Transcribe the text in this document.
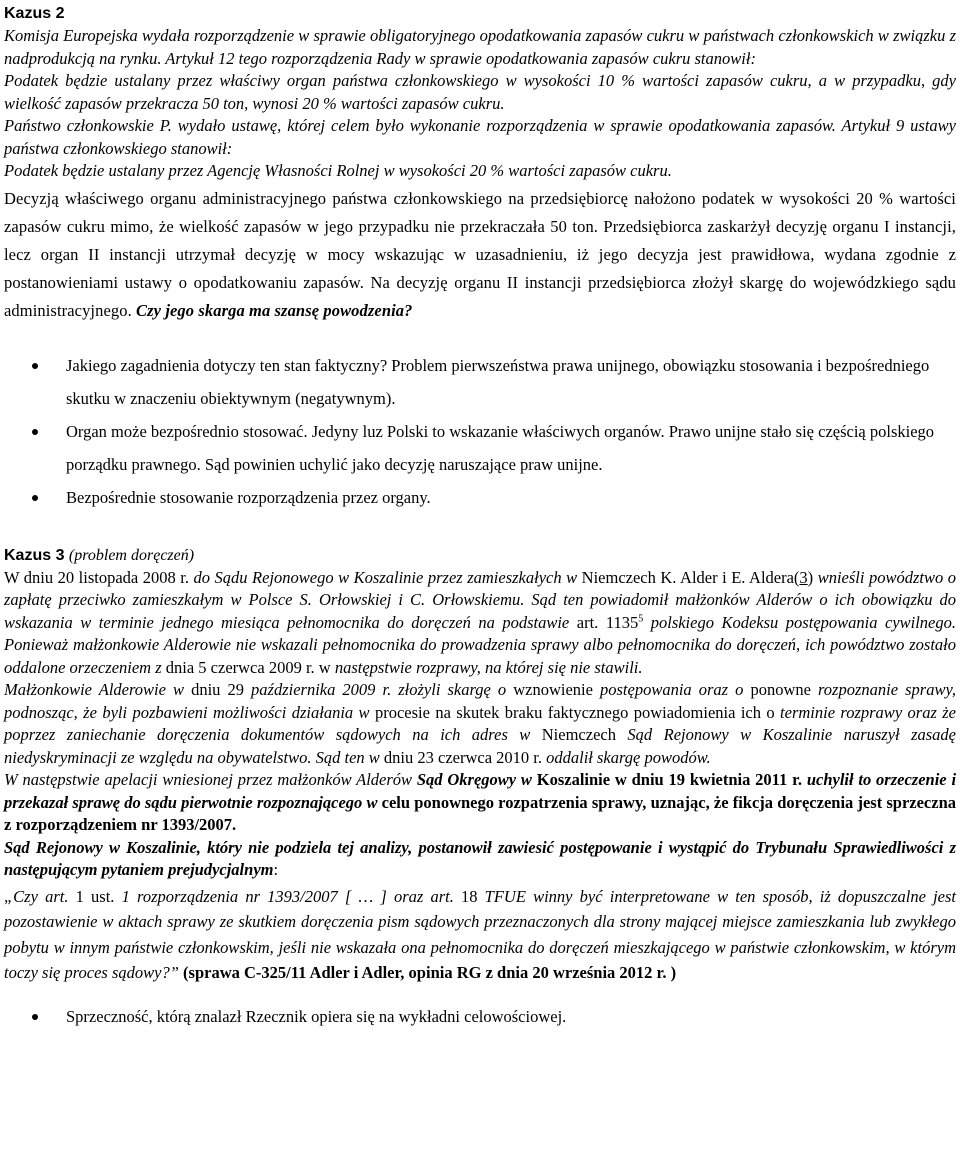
Kazus 2

Komisja Europejska wydała rozporządzenie w sprawie obligatoryjnego opodatkowania zapasów cukru w państwach członkowskich w związku z nadprodukcją na rynku. Artykuł 12 tego rozporządzenia Rady w sprawie opodatkowania zapasów cukru stanowił:

Podatek będzie ustalany przez właściwy organ państwa członkowskiego w wysokości 10 % wartości zapasów cukru, a w przypadku, gdy wielkość zapasów przekracza 50 ton, wynosi 20 % wartości zapasów cukru.

Państwo członkowskie P. wydało ustawę, której celem było wykonanie rozporządzenia w sprawie opodatkowania zapasów. Artykuł 9 ustawy państwa członkowskiego stanowił:

Podatek będzie ustalany przez Agencję Własności Rolnej w wysokości 20 % wartości zapasów cukru.

Decyzją właściwego organu administracyjnego państwa członkowskiego na przedsiębiorcę nałożono podatek w wysokości 20 % wartości zapasów cukru mimo, że wielkość zapasów w jego przypadku nie przekraczała 50 ton. Przedsiębiorca zaskarżył decyzję organu I instancji, lecz organ II instancji utrzymał decyzję w mocy wskazując w uzasadnieniu, iż jego decyzja jest prawidłowa, wydana zgodnie z postanowieniami ustawy o opodatkowaniu zapasów. Na decyzję organu II instancji przedsiębiorca złożył skargę do wojewódzkiego sądu administracyjnego. Czy jego skarga ma szansę powodzenia?

Jakiego zagadnienia dotyczy ten stan faktyczny? Problem pierwszeństwa prawa unijnego, obowiązku stosowania i bezpośredniego skutku w znaczeniu obiektywnym (negatywnym).
Organ może bezpośrednio stosować. Jedyny luz Polski to wskazanie właściwych organów. Prawo unijne stało się częścią polskiego porządku prawnego. Sąd powinien uchylić jako decyzję naruszające praw unijne.
Bezpośrednie stosowanie rozporządzenia przez organy.
Kazus 3 (problem doręczeń)

W dniu 20 listopada 2008 r. do Sądu Rejonowego w Koszalinie przez zamieszkałych w Niemczech K. Alder i E. Aldera(3) wnieśli powództwo o zapłatę przeciwko zamieszkałym w Polsce S. Orłowskiej i C. Orłowskiemu. Sąd ten powiadomił małżonków Alderów o ich obowiązku do wskazania w terminie jednego miesiąca pełnomocnika do doręczeń na podstawie art. 1135$^5$ polskiego Kodeksu postępowania cywilnego. Ponieważ małżonkowie Alderowie nie wskazali pełnomocnika do prowadzenia sprawy albo pełnomocnika do doręczeń, ich powództwo zostało oddalone orzeczeniem z dnia 5 czerwca 2009 r. w następstwie rozprawy, na której się nie stawili.

Małżonkowie Alderowie w dniu 29 października 2009 r. złożyli skargę o wznowienie postępowania oraz o ponowne rozpoznanie sprawy, podnosząc, że byli pozbawieni możliwości działania w procesie na skutek braku faktycznego powiadomienia ich o terminie rozprawy oraz że poprzez zaniechanie doręczenia dokumentów sądowych na ich adres w Niemczech Sąd Rejonowy w Koszalinie naruszył zasadę niedyskryminacji ze względu na obywatelstwo. Sąd ten w dniu 23 czerwca 2010 r. oddalił skargę powodów.

W następstwie apelacji wniesionej przez małżonków Alderów Sąd Okręgowy w Koszalinie w dniu 19 kwietnia 2011 r. uchylił to orzeczenie i przekazał sprawę do sądu pierwotnie rozpoznającego w celu ponownego rozpatrzenia sprawy, uznając, że fikcja doręczenia jest sprzeczna z rozporządzeniem nr 1393/2007.

Sąd Rejonowy w Koszalinie, który nie podziela tej analizy, postanowił zawiesić postępowanie i wystąpić do Trybunału Sprawiedliwości z następującym pytaniem prejudycjalnym:

„Czy art. 1 ust. 1 rozporządzenia nr 1393/2007 [ … ] oraz art. 18 TFUE winny być interpretowane w ten sposób, iż dopuszczalne jest pozostawienie w aktach sprawy ze skutkiem doręczenia pism sądowych przeznaczonych dla strony mającej miejsce zamieszkania lub zwykłego pobytu w innym państwie członkowskim, jeśli nie wskazała ona pełnomocnika do doręczeń mieszkającego w państwie członkowskim, w którym toczy się proces sądowy?” (sprawa C-325/11 Adler i Adler, opinia RG z dnia 20 września 2012 r. )

Sprzeczność, którą znalazł Rzecznik opiera się na wykładni celowościowej.
